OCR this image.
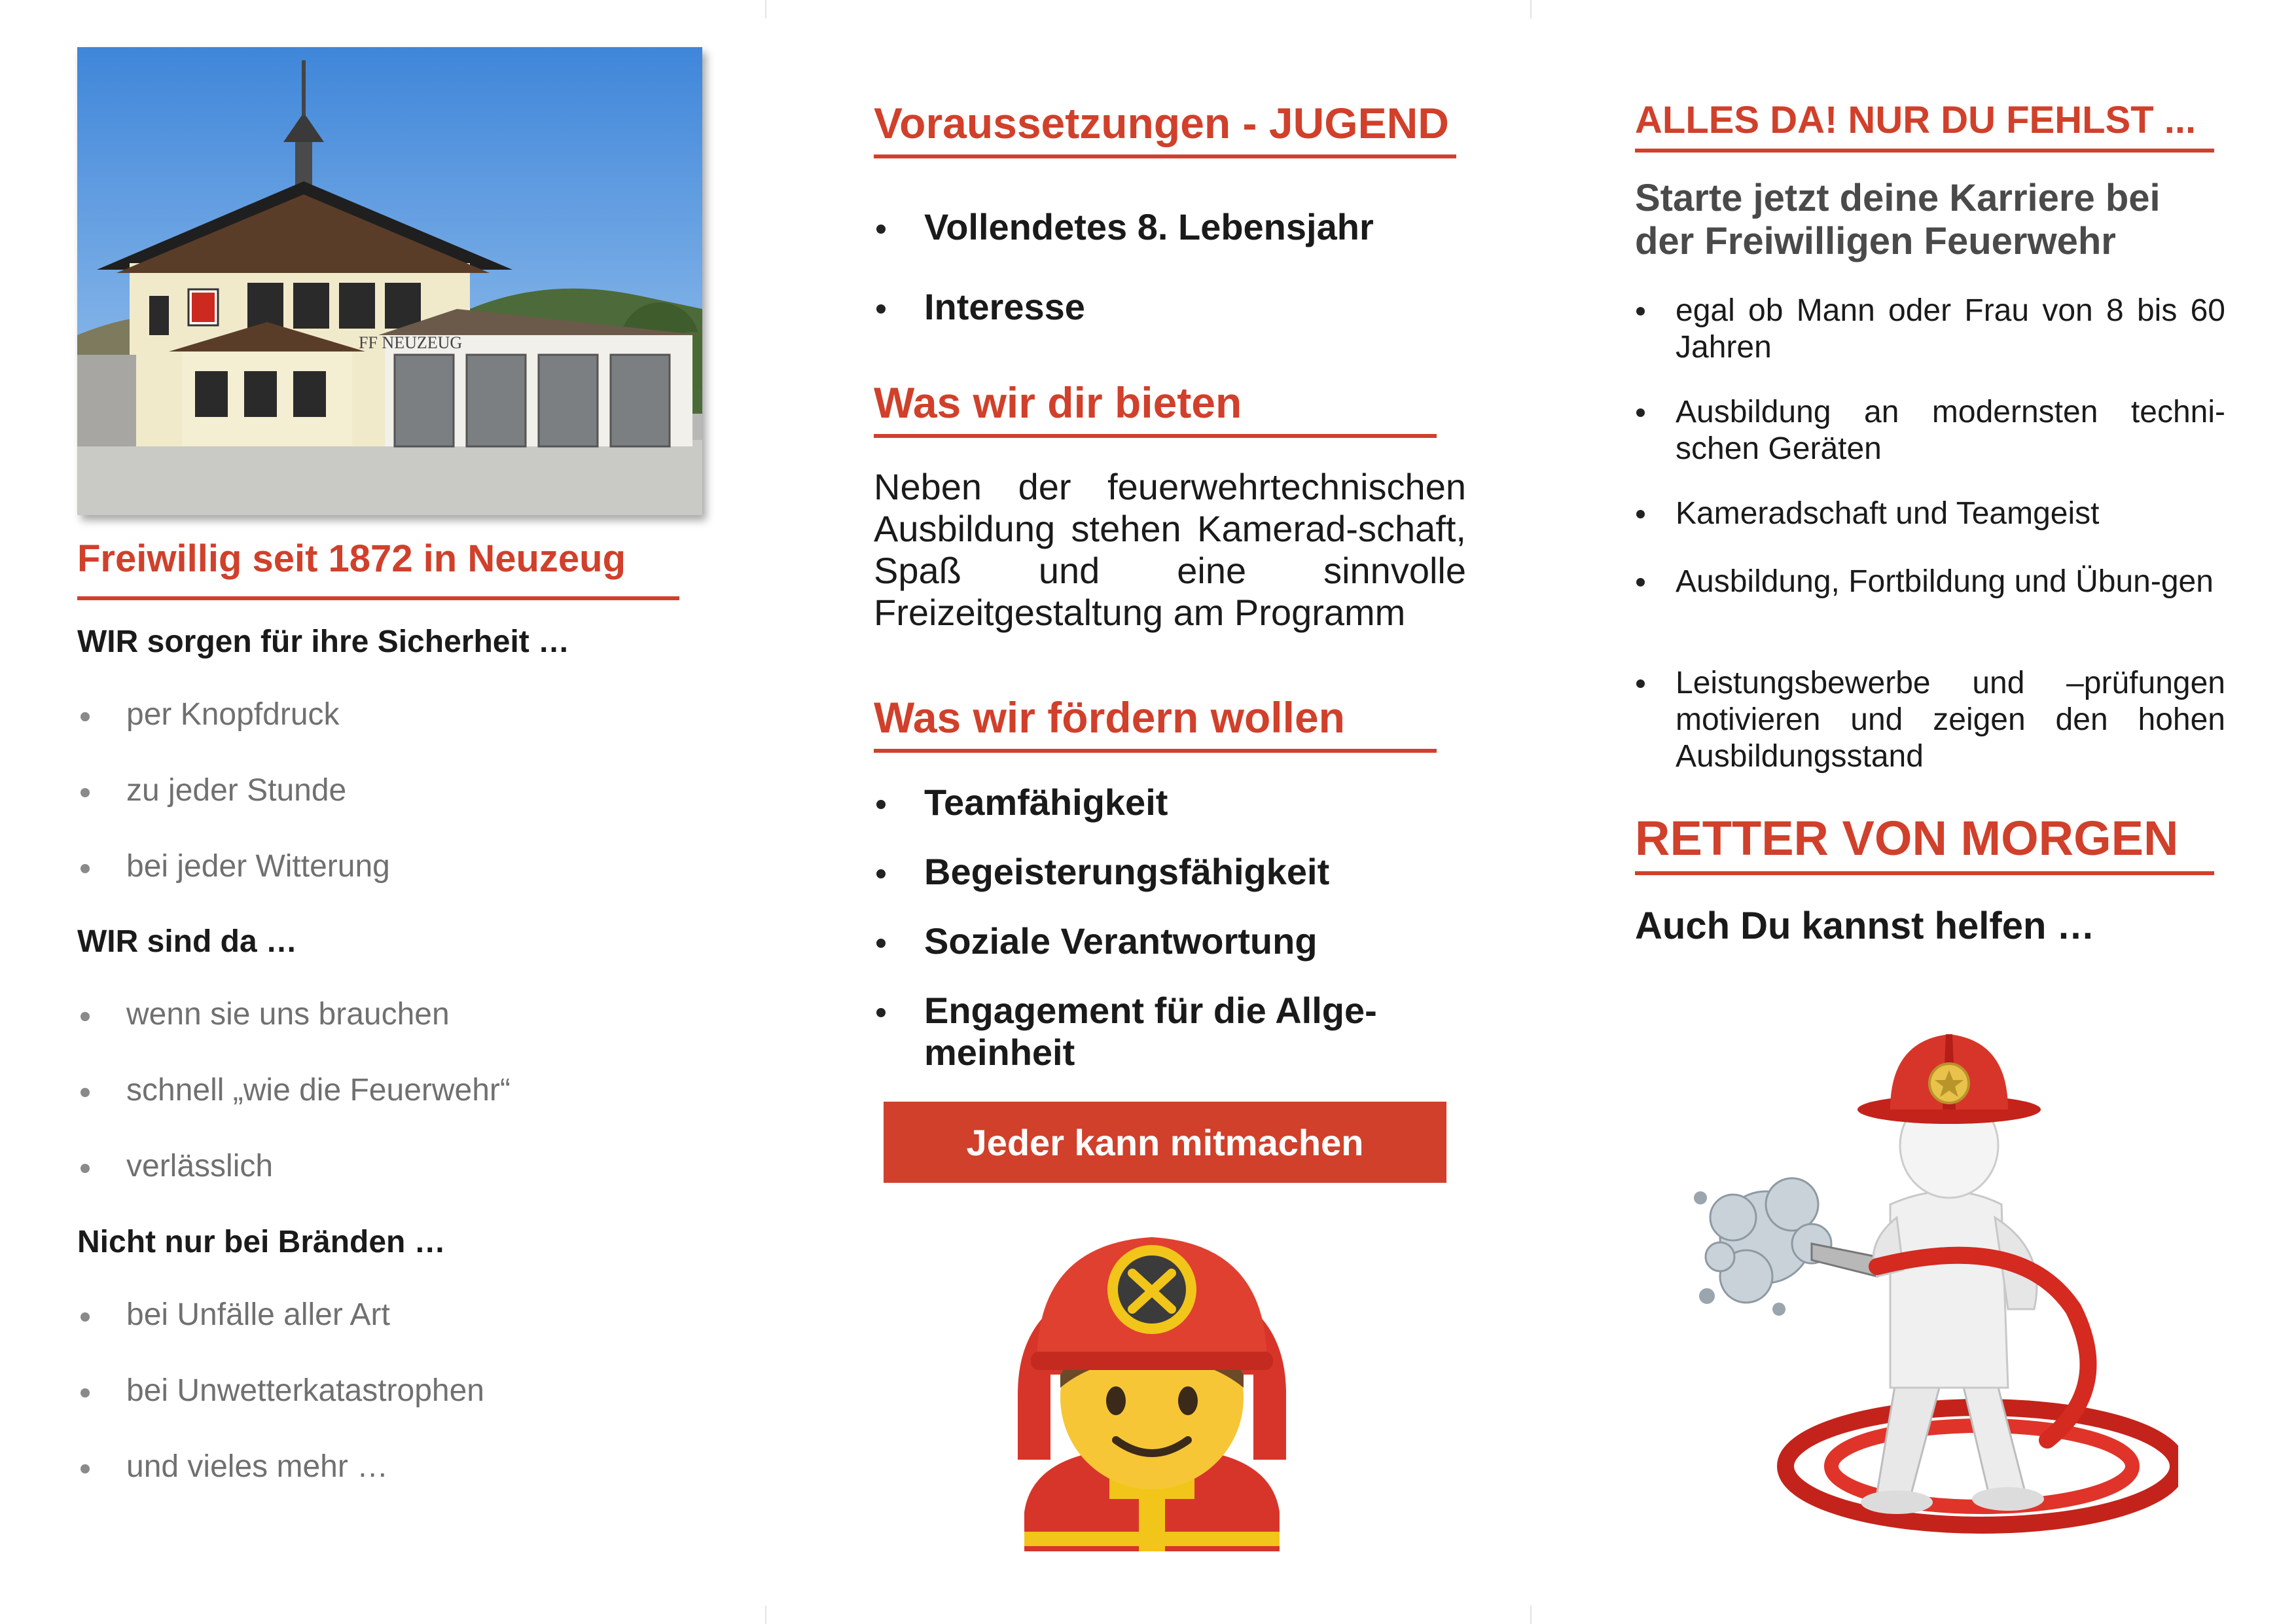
FF NEUZEUG
Freiwillig seit 1872 in Neuzeug
WIR sorgen für ihre Sicherheit …
per Knopfdruck
zu jeder Stunde
bei jeder Witterung
WIR sind da …
wenn sie uns brauchen
schnell „wie die Feuerwehr“
verlässlich
Nicht nur bei Bränden …
bei Unfälle aller Art
bei Unwetterkatastrophen
und vieles mehr …
Voraussetzungen - JUGEND
Vollendetes 8. Lebensjahr
Interesse
Was wir dir bieten
Neben der feuerwehrtechnischen Ausbildung stehen Kamerad-schaft, Spaß und eine sinnvolle Freizeitgestaltung am Programm
Was wir fördern wollen
Teamfähigkeit
Begeisterungsfähigkeit
Soziale Verantwortung
Engagement für die Allge-meinheit
Jeder kann mitmachen
ALLES DA! NUR DU FEHLST ...
Starte jetzt deine Karriere bei der Freiwilligen Feuerwehr
egal ob Mann oder Frau von 8 bis 60 Jahren
Ausbildung an modernsten techni-schen Geräten
Kameradschaft und Teamgeist
Ausbildung, Fortbildung und Übun-gen
Leistungsbewerbe und –prüfungen motivieren und zeigen den hohen Ausbildungsstand
RETTER VON MORGEN
Auch Du kannst helfen …
